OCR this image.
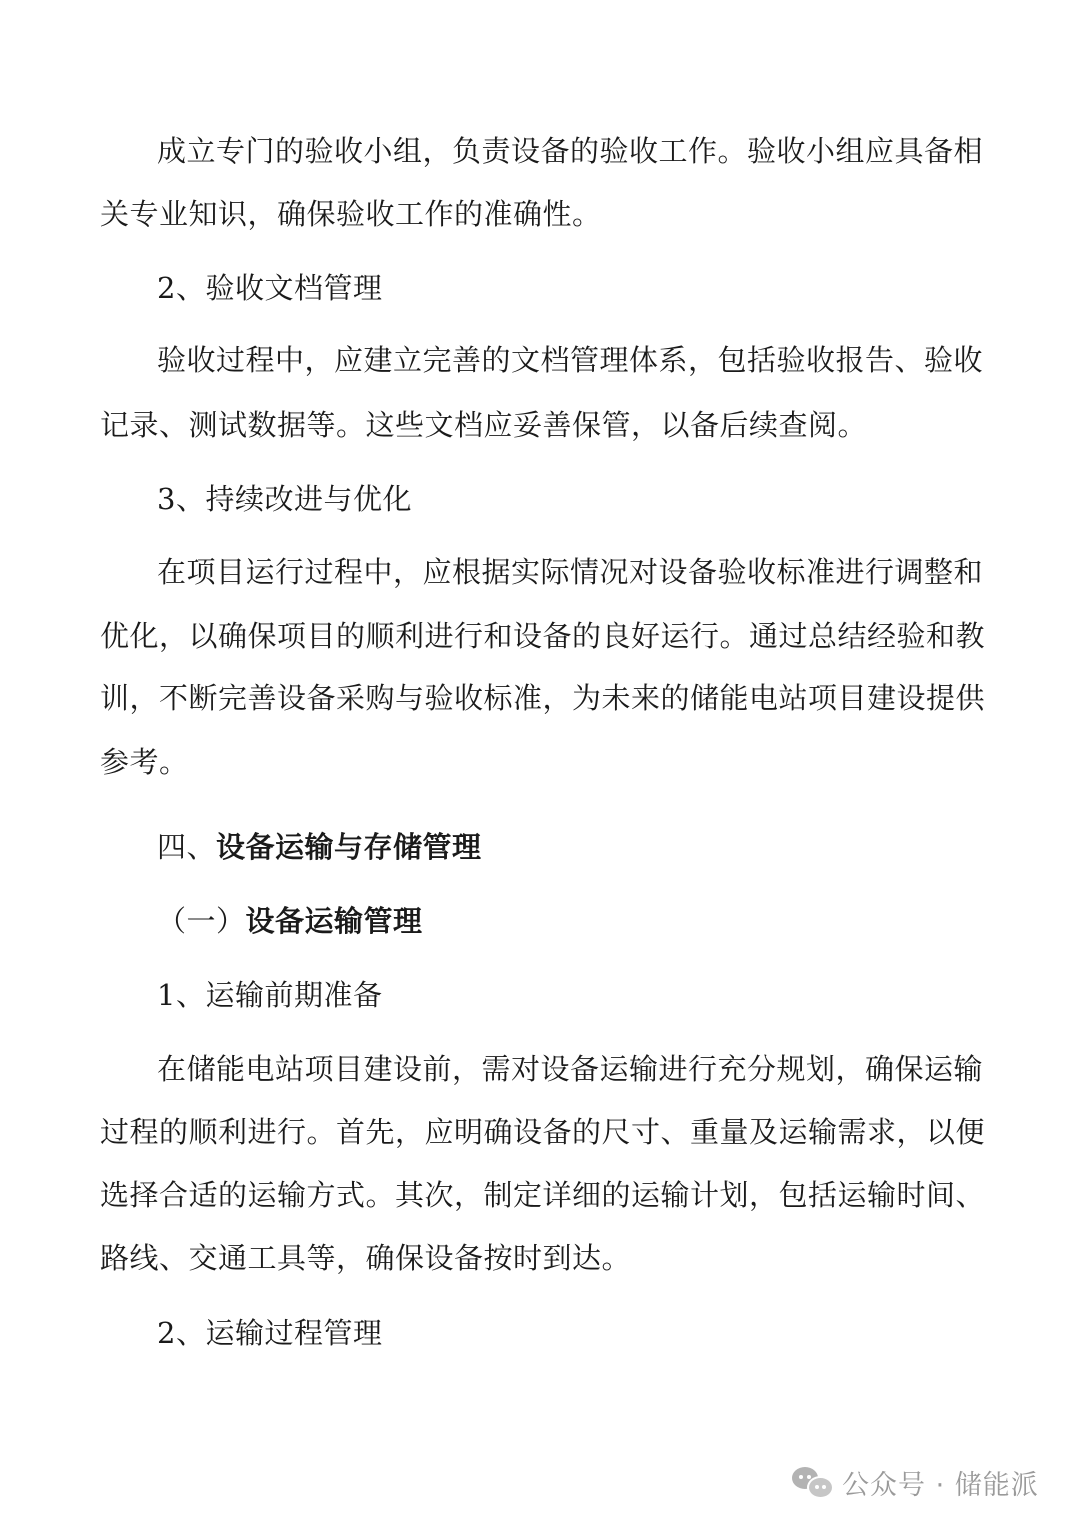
成立专门的验收小组，负责设备的验收工作。验收小组应具备相
关专业知识，确保验收工作的准确性。
2、验收文档管理
验收过程中，应建立完善的文档管理体系，包括验收报告、验收
记录、测试数据等。这些文档应妥善保管，以备后续查阅。
3、持续改进与优化
在项目运行过程中，应根据实际情况对设备验收标准进行调整和
优化，以确保项目的顺利进行和设备的良好运行。通过总结经验和教
训，不断完善设备采购与验收标准，为未来的储能电站项目建设提供
参考。
四、设备运输与存储管理
（一）设备运输管理
1、运输前期准备
在储能电站项目建设前，需对设备运输进行充分规划，确保运输
过程的顺利进行。首先，应明确设备的尺寸、重量及运输需求，以便
选择合适的运输方式。其次，制定详细的运输计划，包括运输时间、
路线、交通工具等，确保设备按时到达。
2、运输过程管理
公众号 · 储能派
